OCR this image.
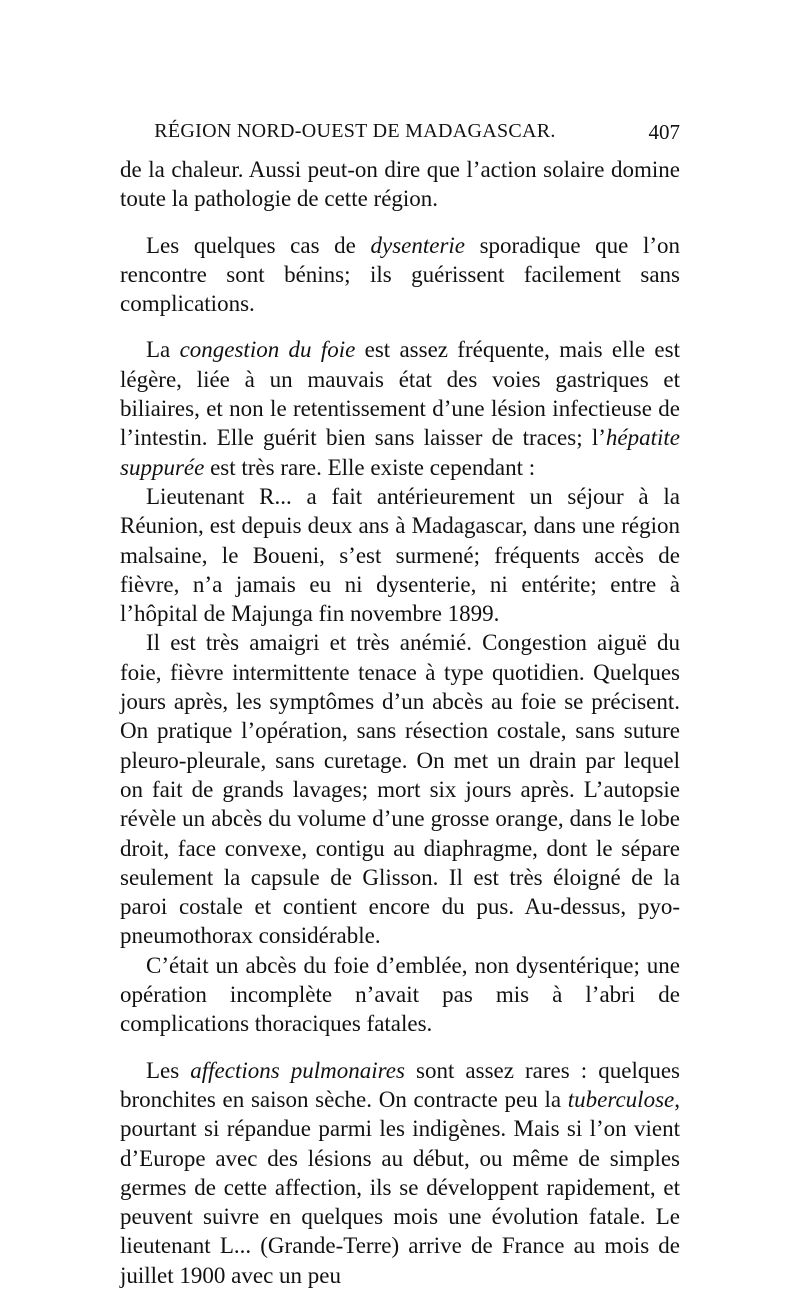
RÉGION NORD-OUEST DE MADAGASCAR.	407

de la chaleur. Aussi peut-on dire que l’action solaire domine toute la pathologie de cette région.

Les quelques cas de dysenterie sporadique que l’on rencontre sont bénins; ils guérissent facilement sans complications.

La congestion du foie est assez fréquente, mais elle est légère, liée à un mauvais état des voies gastriques et biliaires, et non le retentissement d’une lésion infectieuse de l’intestin. Elle guérit bien sans laisser de traces; l’hépatite suppurée est très rare. Elle existe cependant :

Lieutenant R... a fait antérieurement un séjour à la Réunion, est depuis deux ans à Madagascar, dans une région malsaine, le Boueni, s’est surmené; fréquents accès de fièvre, n’a jamais eu ni dysenterie, ni entérite; entre à l’hôpital de Majunga fin novembre 1899.

Il est très amaigri et très anémié. Congestion aiguë du foie, fièvre intermittente tenace à type quotidien. Quelques jours après, les symptômes d’un abcès au foie se précisent. On pratique l’opération, sans résection costale, sans suture pleuro-pleurale, sans curetage. On met un drain par lequel on fait de grands lavages; mort six jours après. L’autopsie révèle un abcès du volume d’une grosse orange, dans le lobe droit, face convexe, contigu au diaphragme, dont le sépare seulement la capsule de Glisson. Il est très éloigné de la paroi costale et contient encore du pus. Au-dessus, pyo-pneumothorax considérable.

C’était un abcès du foie d’emblée, non dysentérique; une opération incomplète n’avait pas mis à l’abri de complications thoraciques fatales.

Les affections pulmonaires sont assez rares : quelques bronchites en saison sèche. On contracte peu la tuberculose, pourtant si répandue parmi les indigènes. Mais si l’on vient d’Europe avec des lésions au début, ou même de simples germes de cette affection, ils se développent rapidement, et peuvent suivre en quelques mois une évolution fatale. Le lieutenant L... (Grande-Terre) arrive de France au mois de juillet 1900 avec un peu
